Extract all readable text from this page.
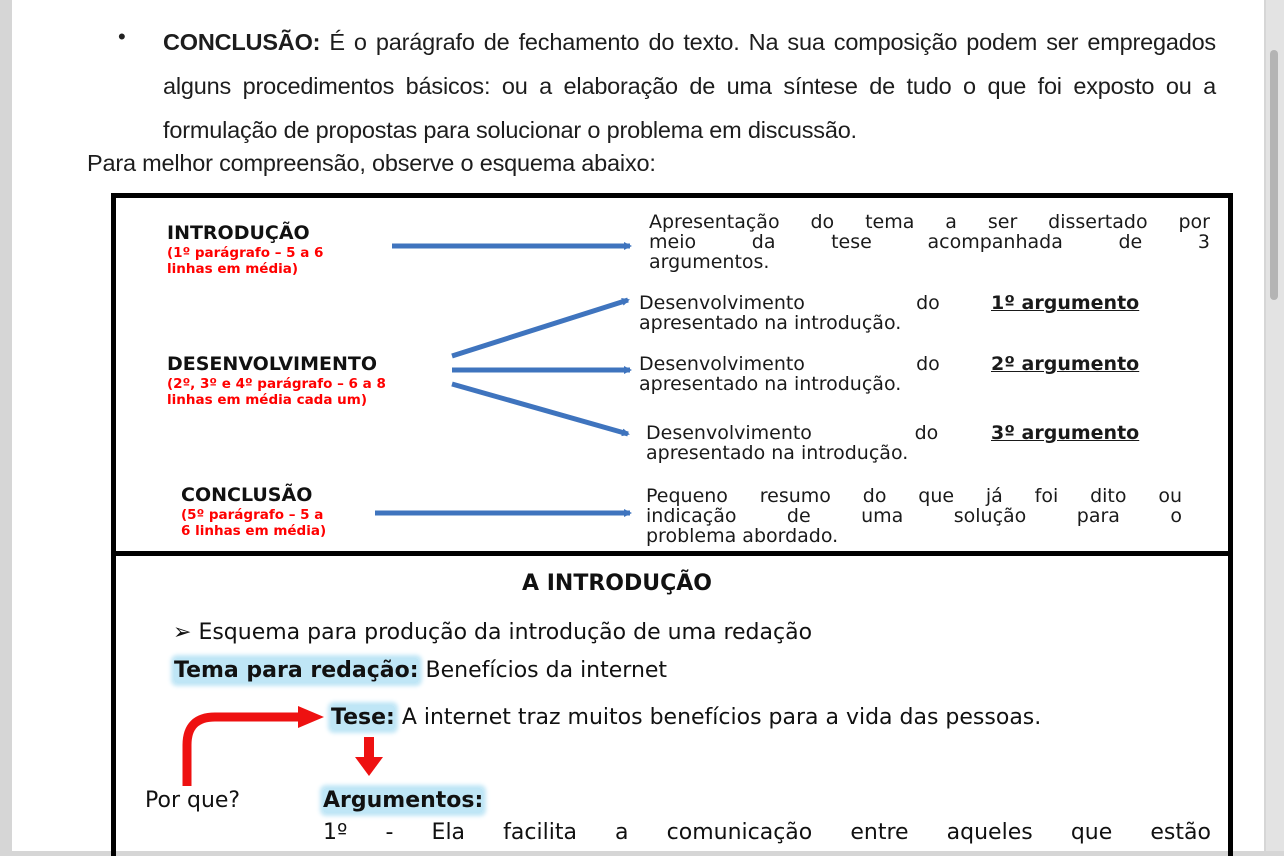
• CONCLUSÃO: É o parágrafo de fechamento do texto. Na sua composição podem ser empregados alguns procedimentos básicos: ou a elaboração de uma síntese de tudo o que foi exposto ou a formulação de propostas para solucionar o problema em discussão.
Para melhor compreensão, observe o esquema abaixo:
INTRODUÇÃO
(1º parágrafo – 5 a 6
linhas em média)
DESENVOLVIMENTO
(2º, 3º e 4º parágrafo – 6 a 8
linhas em média cada um)
CONCLUSÃO
(5º parágrafo – 5 a
6 linhas em média)
Apresentação do tema a ser dissertado por
meio da tese acompanhada de 3
argumentos.
Desenvolvimento	do	1º argumento
apresentado na introdução.
Desenvolvimento	do	2º argumento
apresentado na introdução.
Desenvolvimento	do	3º argumento
apresentado na introdução.
Pequeno resumo do que já foi dito ou
indicação de uma solução para o
problema abordado.
A INTRODUÇÃO
➢ Esquema para produção da introdução de uma redação
Tema para redação: Benefícios da internet
Tese: A internet traz muitos benefícios para a vida das pessoas.
Por que?	Argumentos:
1º - Ela facilita a comunicação entre aqueles que estão
